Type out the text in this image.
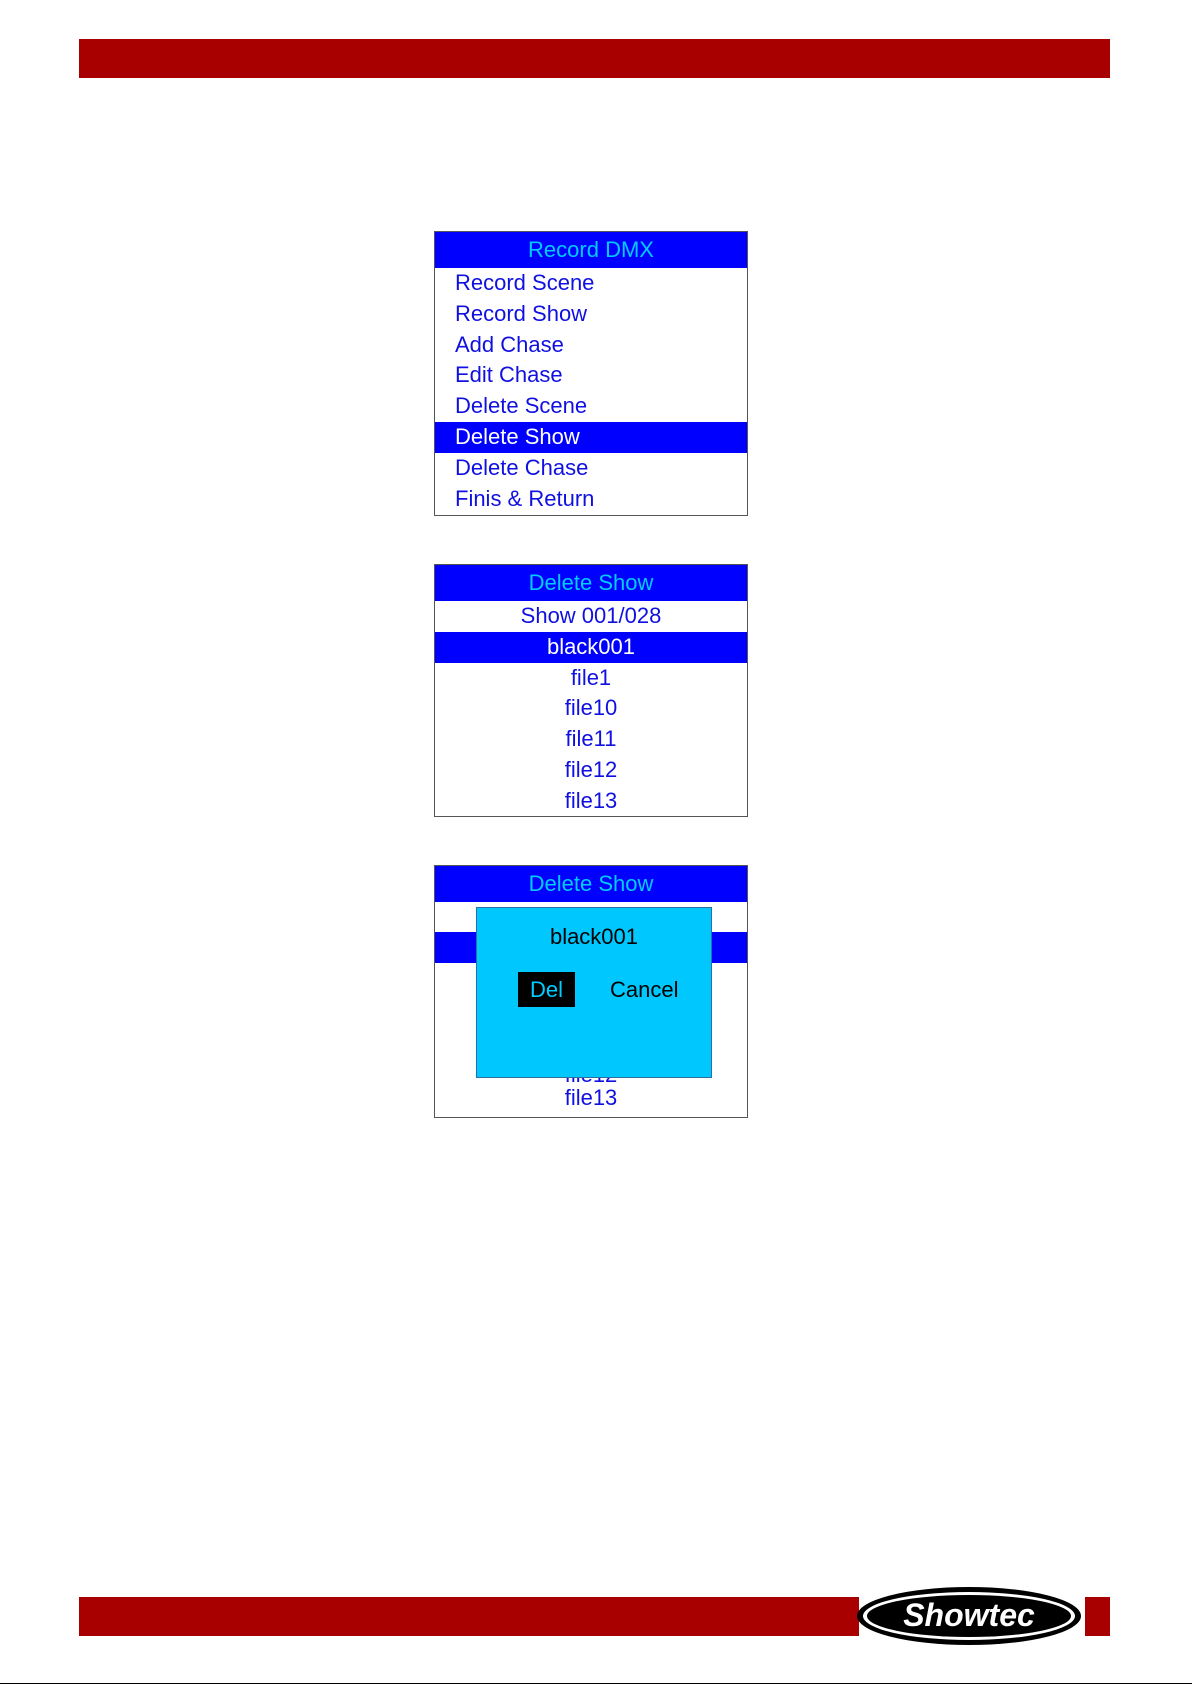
Record DMX
Record Scene
Record Show
Add Chase
Edit Chase
Delete Scene
Delete Show
Delete Chase
Finis & Return
Delete Show
Show 001/028
black001
file1
file10
file11
file12
file13
Delete Show
file13
black001
Del	Cancel
Showtec
